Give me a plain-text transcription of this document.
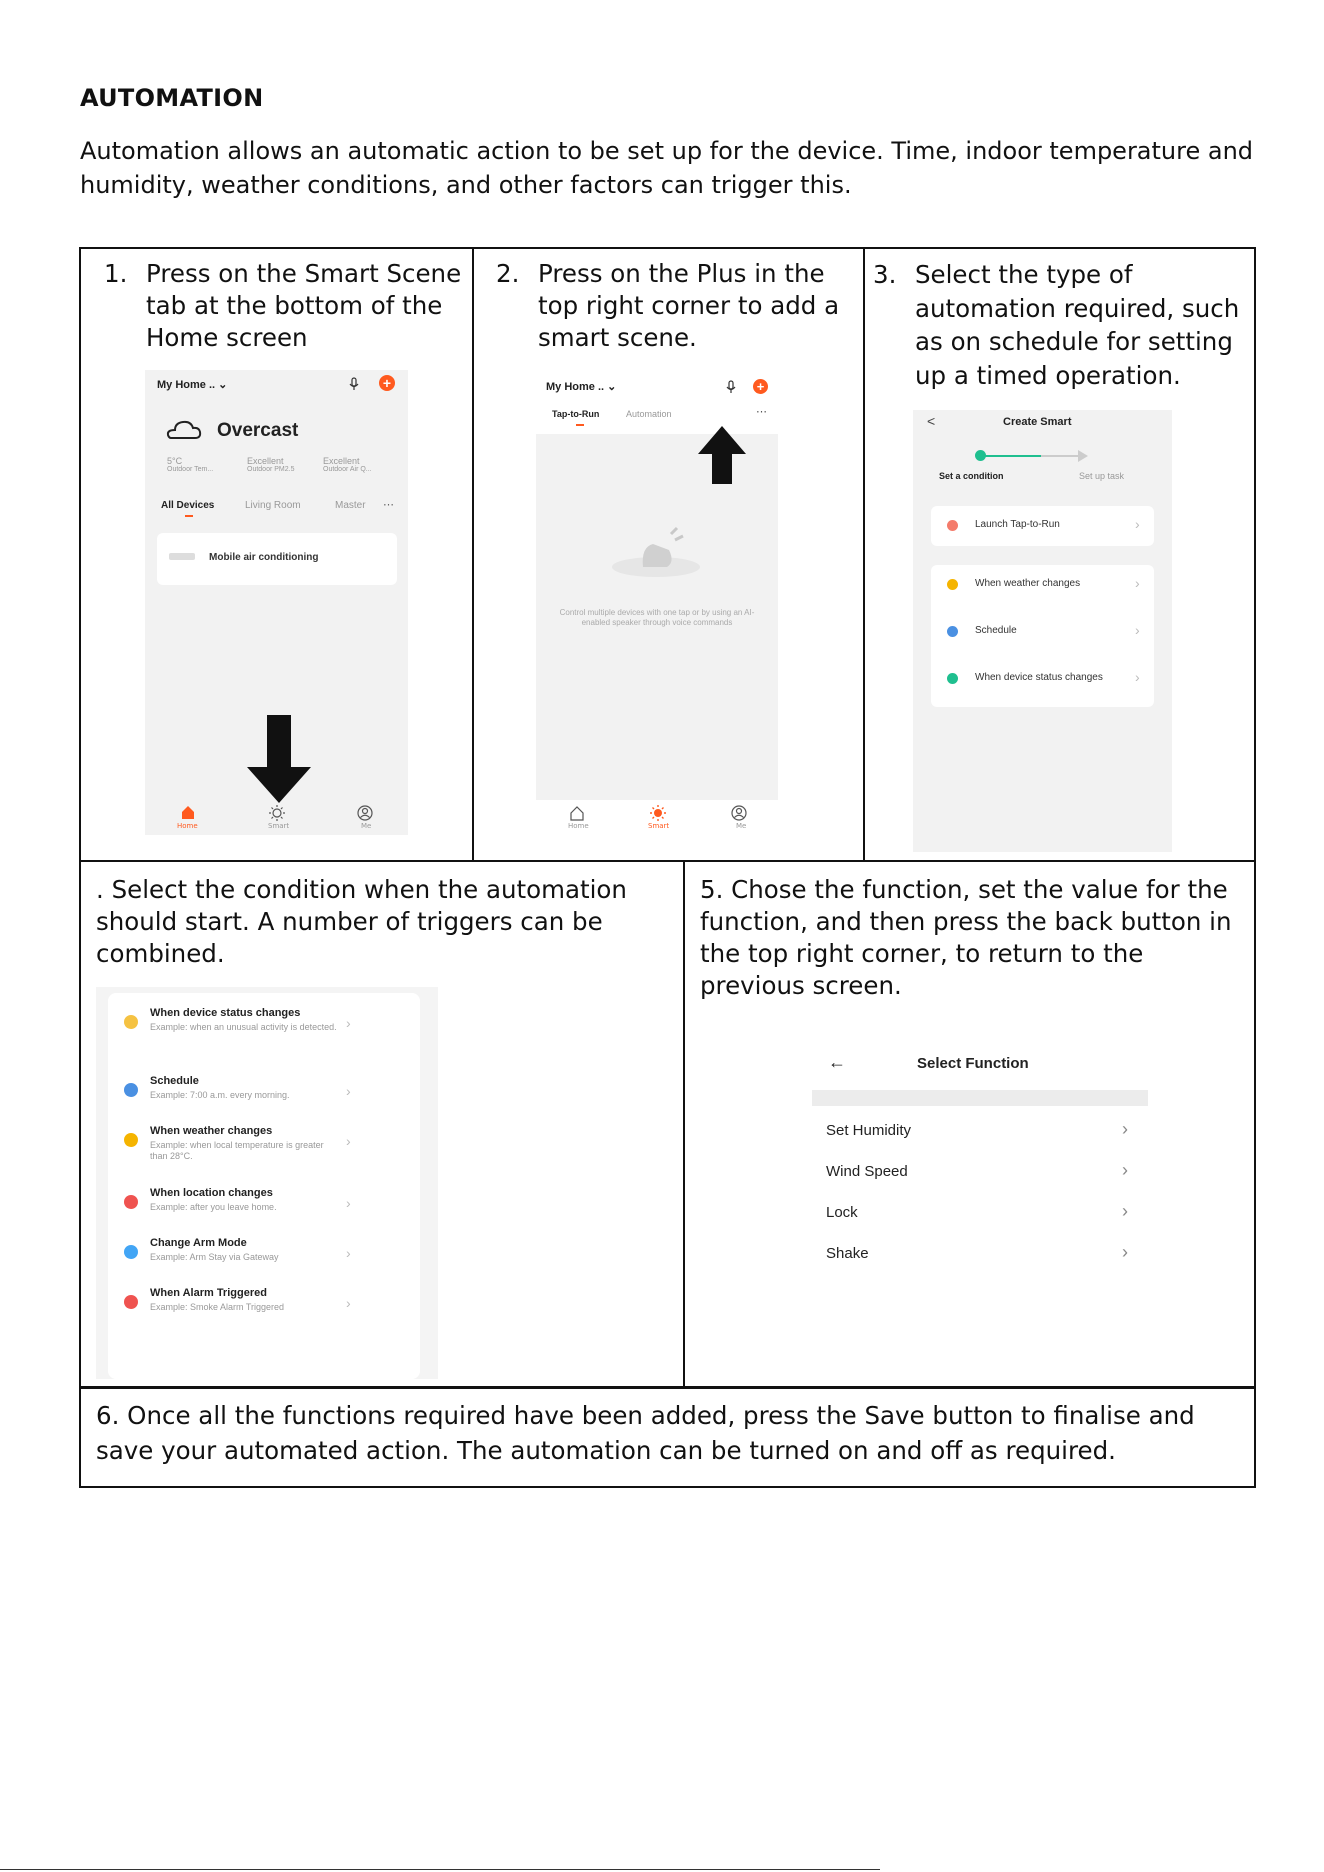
AUTOMATION
Automation allows an automatic action to be set up for the device. Time, indoor temperature and humidity, weather conditions, and other factors can trigger this.
1. Press on the Smart Scene tab at the bottom of the Home screen
2. Press on the Plus in the top right corner to add a smart scene.
3. Select the type of automation required, such as on schedule for setting up a timed operation.
. Select the condition when the automation should start. A number of triggers can be combined.
5. Chose the function, set the value for the function, and then press the back button in the top right corner, to return to the previous screen.
6. Once all the functions required have been added, press the Save button to finalise and save your automated action. The automation can be turned on and off as required.
My Home .. ⌄	+
Overcast
5°C
Outdoor Tem...
Excellent
Outdoor PM2.5
Excellent
Outdoor Air Q...
All Devices	Living Room	Master ⋯
Mobile air conditioning
Home	Smart	Me
My Home .. ⌄	+
Tap-to-Run	Automation	⋯
Control multiple devices with one tap or by using an AI-enabled speaker through voice commands
Home	Smart	Me
<	Create Smart
Set a condition	Set up task
Launch Tap-to-Run	›
When weather changes	›
Schedule	›
When device status changes ›
When device status changes
Example: when an unusual activity is detected. ›
Schedule
Example: 7:00 a.m. every morning.	›
When weather changes
Example: when local temperature is greater than 28°C.
›
When location changes
Example: after you leave home.	›
Change Arm Mode
Example: Arm Stay via Gateway	›
When Alarm Triggered
Example: Smoke Alarm Triggered	›
←	Select Function
Set Humidity	›
Wind Speed	›
Lock	›
Shake	›
